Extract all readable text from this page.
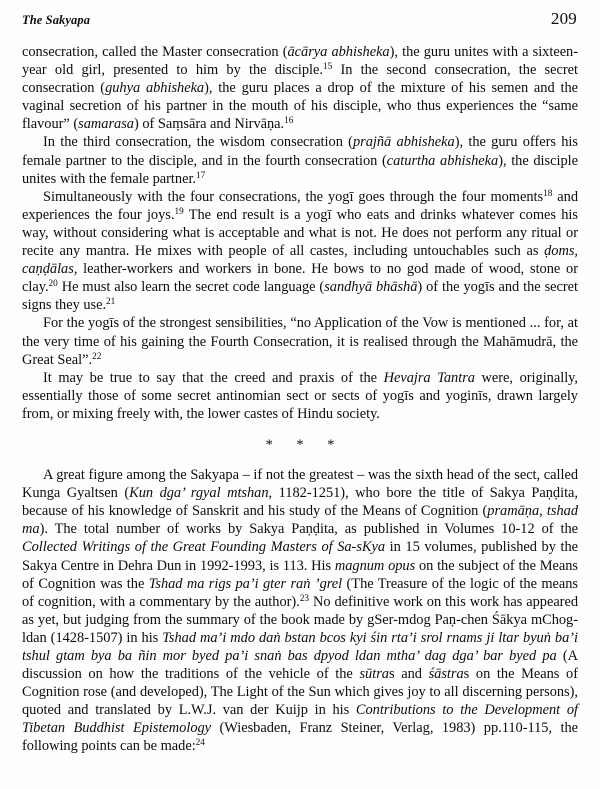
The Sakyapa	209

consecration, called the Master consecration (ācārya abhisheka), the guru unites with a sixteen-year old girl, presented to him by the disciple.$^{15}$ In the second consecration, the secret consecration (guhya abhisheka), the guru places a drop of the mixture of his semen and the vaginal secretion of his partner in the mouth of his disciple, who thus experiences the “same flavour” (samarasa) of Saṃsāra and Nirvāṇa.$^{16}$

In the third consecration, the wisdom consecration (prajñā abhisheka), the guru offers his female partner to the disciple, and in the fourth consecration (caturtha abhisheka), the disciple unites with the female partner.$^{17}$

Simultaneously with the four consecrations, the yogī goes through the four moments$^{18}$ and experiences the four joys.$^{19}$ The end result is a yogī who eats and drinks whatever comes his way, without considering what is acceptable and what is not. He does not perform any ritual or recite any mantra. He mixes with people of all castes, including untouchables such as ḍoms, caṇḍālas, leather-workers and workers in bone. He bows to no god made of wood, stone or clay.$^{20}$ He must also learn the secret code language (sandhyā bhāshā) of the yogīs and the secret signs they use.$^{21}$

For the yogīs of the strongest sensibilities, “no Application of the Vow is mentioned ... for, at the very time of his gaining the Fourth Consecration, it is realised through the Mahāmudrā, the Great Seal”.$^{22}$

It may be true to say that the creed and praxis of the Hevajra Tantra were, originally, essentially those of some secret antinomian sect or sects of yogīs and yoginīs, drawn largely from, or mixing freely with, the lower castes of Hindu society.

* * *

A great figure among the Sakyapa – if not the greatest – was the sixth head of the sect, called Kunga Gyaltsen (Kun dga’ rgyal mtshan, 1182-1251), who bore the title of Sakya Paṇḍita, because of his knowledge of Sanskrit and his study of the Means of Cognition (pramāṇa, tshad ma). The total number of works by Sakya Paṇḍita, as published in Volumes 10-12 of the Collected Writings of the Great Founding Masters of Sa-sKya in 15 volumes, published by the Sakya Centre in Dehra Dun in 1992-1993, is 113. His magnum opus on the subject of the Means of Cognition was the Tshad ma rigs pa’i gter raṅ ’grel (The Treasure of the logic of the means of cognition, with a commentary by the author).$^{23}$ No definitive work on this work has appeared as yet, but judging from the summary of the book made by gSer-mdog Paṇ-chen Śākya mChog-ldan (1428-1507) in his Tshad ma’i mdo daṅ bstan bcos kyi śin rta’i srol rnams ji ltar byuṅ ba’i tshul gtam bya ba ñin mor byed pa’i snaṅ bas dpyod ldan mtha’ dag dga’ bar byed pa (A discussion on how the traditions of the vehicle of the sūtras and śāstras on the Means of Cognition rose (and developed), The Light of the Sun which gives joy to all discerning persons), quoted and translated by L.W.J. van der Kuijp in his Contributions to the Development of Tibetan Buddhist Epistemology (Wiesbaden, Franz Steiner, Verlag, 1983) pp.110-115, the following points can be made:$^{24}$
